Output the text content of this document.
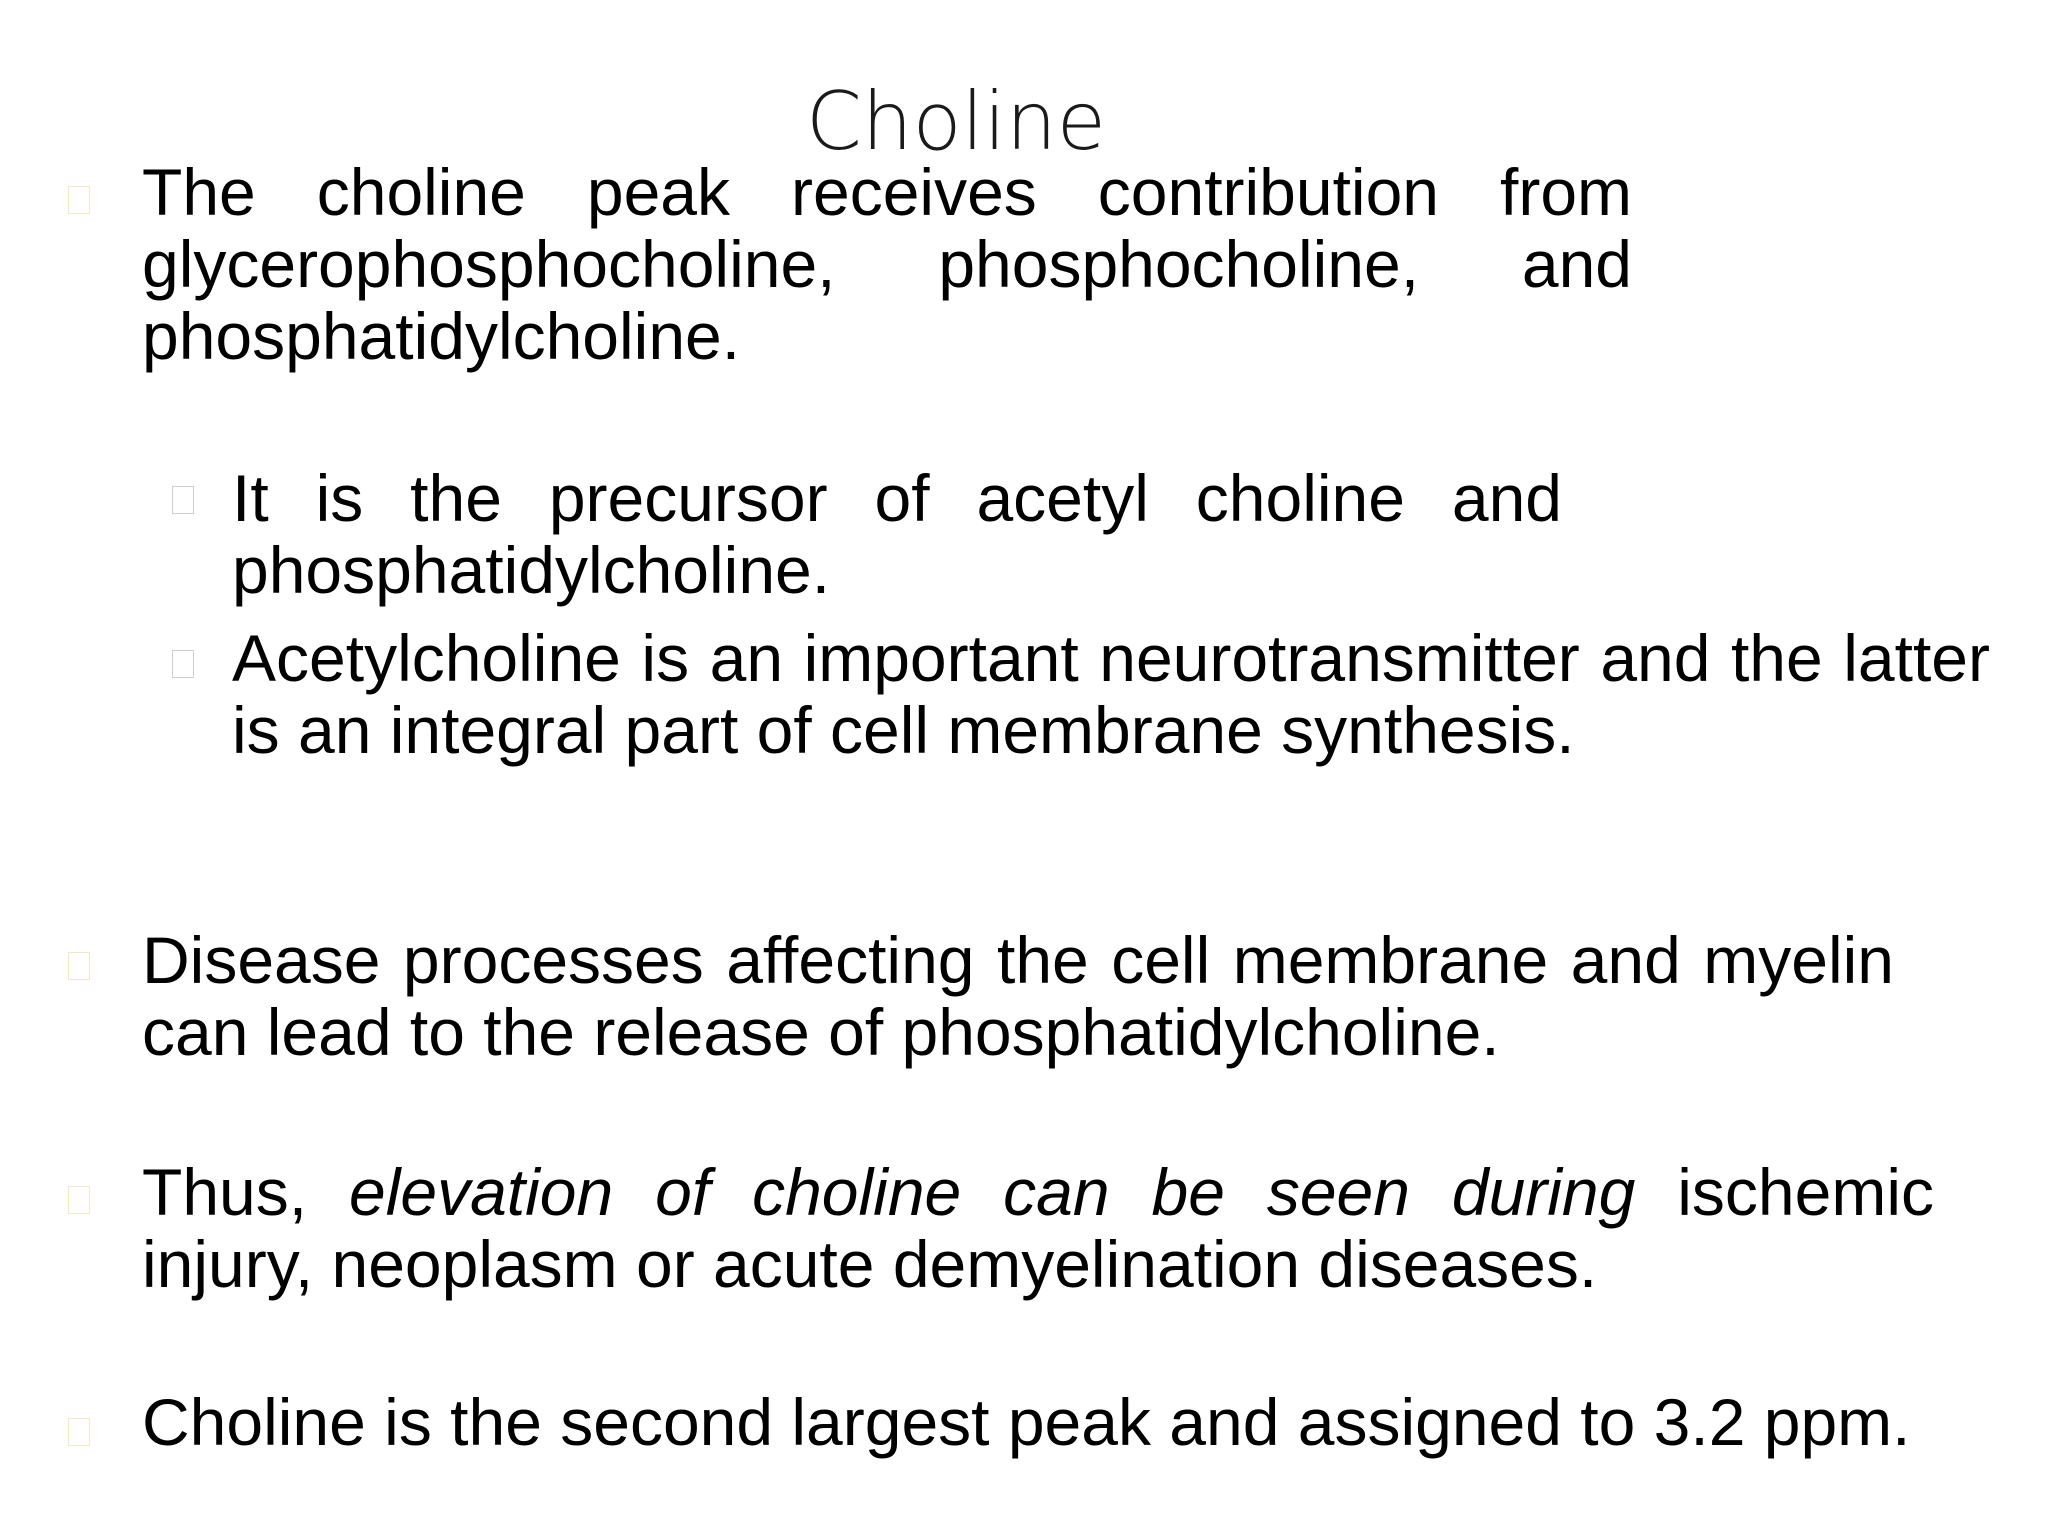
Choline
The choline peak receives contribution from glycerophosphocholine, phosphocholine, and phosphatidylcholine.
It is the precursor of acetyl choline and phosphatidylcholine.
Acetylcholine is an important neurotransmitter and the latter is an integral part of cell membrane synthesis.
Disease processes affecting the cell membrane and myelin can lead to the release of phosphatidylcholine.
Thus, elevation of choline can be seen during ischemic injury, neoplasm or acute demyelination diseases.
Choline is the second largest peak and assigned to 3.2 ppm.
